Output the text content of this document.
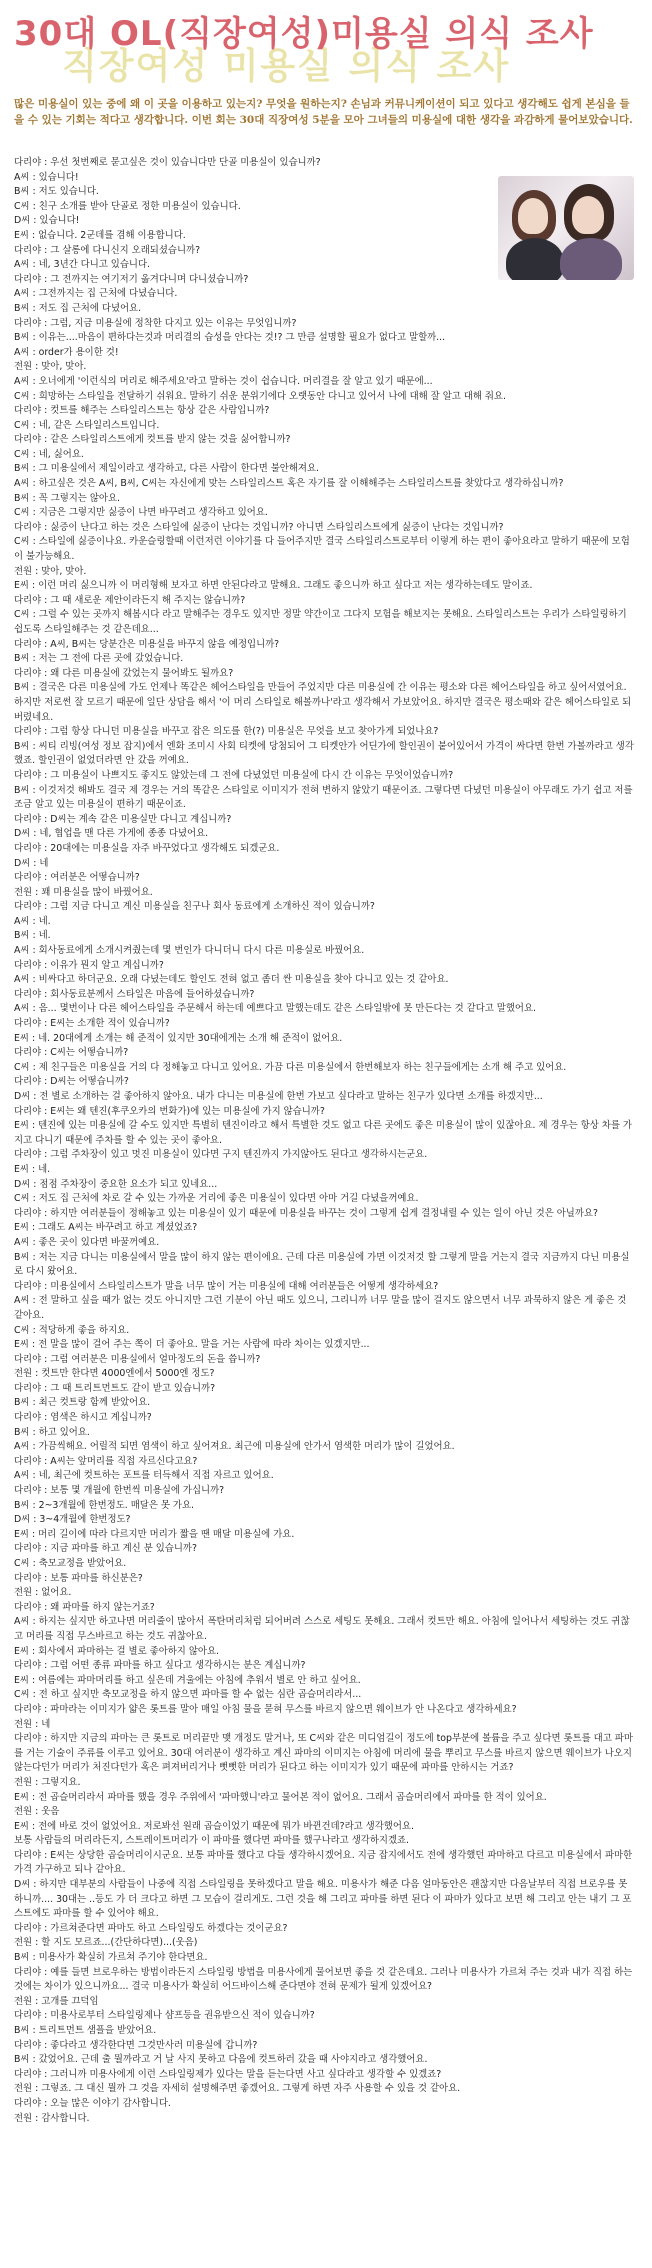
직장여성 미용실 의식 조사
30대 OL(직장여성)미용실 의식 조사
많은 미용실이 있는 중에 왜 이 곳을 이용하고 있는지? 무엇을 원하는지? 손님과 커뮤니케이션이 되고 있다고 생각해도 쉽게 본심을 들을 수 있는 기회는 적다고 생각합니다. 이번 회는 30대 직장여성 5분을 모아 그녀들의 미용실에 대한 생각을 과감하게 물어보았습니다.
다리야 : 우선 첫번째로 묻고싶은 것이 있습니다만 단골 미용실이 있습니까?
A씨 : 있습니다!
B씨 : 저도 있습니다.
C씨 : 친구 소개를 받아 단골로 정한 미용실이 있습니다.
D씨 : 있습니다!
E씨 : 없습니다. 2군데를 겸해 이용합니다.
다리야 : 그 살롱에 다니신지 오래되셨습니까?
A씨 : 네, 3년간 다니고 있습니다.
다리야 : 그 전까지는 여기저기 옮겨다니며 다니셨습니까?
A씨 : 그전까지는 집 근처에 다녔습니다.
B씨 : 저도 집 근처에 다녔어요.
다리야 : 그럼, 지금 미용실에 정착한 다지고 있는 이유는 무엇입니까?
B씨 : 이유는....마음이 편하다는것과 머리결의 습성을 안다는 것!? 그 만큼 설명할 필요가 없다고 말할까...
A씨 : order가 용이한 것!
전원 : 맞아, 맞아.
A씨 : 오너에게 '이런식의 머리로 해주세요'라고 말하는 것이 쉽습니다. 머리결을 잘 알고 있기 때문에...
C씨 : 희망하는 스타일을 전달하기 쉬워요. 말하기 쉬운 분위기에다 오랫동안 다니고 있어서 나에 대해 잘 알고 대해 줘요.
다리야 : 컷트를 해주는 스타일리스트는 항상 같은 사람입니까?
C씨 : 네, 같은 스타일리스트입니다.
다리야 : 같은 스타일리스트에게 컷트를 받지 않는 것을 싫어합니까?
C씨 : 네, 싫어요.
B씨 : 그 미용실에서 제일이라고 생각하고, 다른 사람이 한다면 불안해져요.
A씨 : 하고싶은 것은 A씨, B씨, C씨는 자신에게 맞는 스타일리스트 혹은 자기를 잘 이해해주는 스타일리스트를 찾았다고 생각하십니까?
B씨 : 꼭 그렇지는 않아요.
C씨 : 지금은 그렇지만 싫증이 나면 바꾸려고 생각하고 있어요.
다리야 : 싫증이 난다고 하는 것은 스타일에 싫증이 난다는 것입니까? 아니면 스타일리스트에게 싫증이 난다는 것입니까?
C씨 : 스타일에 싫증이나요. 카운슬링할때 이런저런 이야기를 다 들어주지만 결국 스타일리스트로부터 이렇게 하는 편이 좋아요라고 말하기 때문에 모험이 불가능해요.
전원 : 맞아, 맞아.
E씨 : 이런 머리 싫으니까 이 머리형해 보자고 하면 안된다라고 말해요. 그래도 좋으니까 하고 싶다고 저는 생각하는데도 말이죠.
다리야 : 그 때 새로운 제안이라든지 해 주지는 않습니까?
C씨 : 그럴 수 있는 곳까지 해봅시다 라고 말해주는 경우도 있지만 정말 약간이고 그다지 모험을 해보지는 못해요. 스타일리스트는 우리가 스타일링하기 쉽도록 스타일해주는 것 같은데요...
다리야 : A씨, B씨는 당분간은 미용실을 바꾸지 않을 예정입니까?
B씨 : 저는 그 전에 다른 곳에 갔었습니다.
다리야 : 왜 다른 미용실에 갔었는지 물어봐도 될까요?
B씨 : 결국은 다른 미용실에 가도 언제나 똑같은 헤어스타일을 만들어 주었지만 다른 미용실에 간 이유는 평소와 다른 헤어스타일을 하고 싶어서였어요. 하지만 저로썬 잘 모르기 때문에 일단 상담을 해서 '이 머리 스타일로 해볼까나'라고 생각해서 가보았어요. 하지만 결국은 평소때와 같은 헤어스타일로 되버렸네요.
다리야 : 그럼 항상 다니던 미용실을 바꾸고 잡은 의도를 한(?) 미용실은 무엇을 보고 찾아가게 되었나요?
B씨 : 씨티 리빙(여성 정보 잡지)에서 엔화 조미시 사회 티켓에 당첨되어 그 티켓안가 어딘가에 할인권이 붙어있어서 가격이 싸다면 한번 가볼까라고 생각했죠. 할인권이 없었더라면 안 갔을 꺼예요.
다리야 : 그 미용실이 나쁘지도 좋지도 않았는데 그 전에 다녔었던 미용실에 다시 간 이유는 무엇이었습니까?
B씨 : 이것저것 해봐도 결국 제 경우는 거의 똑같은 스타일로 이미지가 전혀 변하지 않았기 때문이죠. 그렇다면 다녔던 미용실이 아무래도 가기 쉽고 저를 조금 알고 있는 미용실이 편하기 때문이죠.
다리야 : D씨는 계속 같은 미용실만 다니고 계십니까?
D씨 : 네, 협업을 맨 다른 가게에 종종 다녔어요.
다리야 : 20대에는 미용실을 자주 바꾸었다고 생각해도 되겠군요.
D씨 : 네
다리야 : 여러분은 어떻습니까?
전원 : 꽤 미용실을 많이 바꿨어요.
다리야 : 그럼 지금 다니고 계신 미용실을 친구나 회사 동료에게 소개하신 적이 있습니까?
A씨 : 네.
B씨 : 네.
A씨 : 회사동료에게 소개시켜줬는데 몇 번인가 다니더니 다시 다른 미용실로 바꿨어요.
다리야 : 이유가 뭔지 알고 계십니까?
A씨 : 비싸다고 하더군요. 오래 다녔는데도 할인도 전혀 없고 좀더 싼 미용실을 찾아 다니고 있는 것 같아요.
다리야 : 회사동료분께서 스타일은 마음에 들어하셨습니까?
A씨 : 음... 몇번이나 다른 헤어스타일을 주문해서 하는데 예쁘다고 말했는데도 같은 스타일밖에 못 만든다는 것 같다고 말했어요.
다리야 : E씨는 소개한 적이 있습니까?
E씨 : 네. 20대에게 소개는 해 준적이 있지만 30대에게는 소개 해 준적이 없어요.
다리야 : C씨는 어떻습니까?
C씨 : 제 친구들은 미용실을 거의 다 정해놓고 다니고 있어요. 가끔 다른 미용실에서 한번해보자 하는 친구들에게는 소개 해 주고 있어요.
다리야 : D씨는 어떻습니까?
D씨 : 전 별로 소개하는 걸 좋아하지 않아요. 내가 다니는 미용실에 한번 가보고 싶다라고 말하는 친구가 있다면 소개를 하겠지만...
다리야 : E씨는 왜 텐진(후쿠오카의 번화가)에 있는 미용실에 가지 않습니까?
E씨 : 텐진에 있는 미용실에 갈 수도 있지만 특별히 텐진이라고 해서 특별한 것도 없고 다른 곳에도 좋은 미용실이 많이 있잖아요. 제 경우는 항상 차를 가지고 다니기 때문에 주차를 할 수 있는 곳이 좋아요.
다리야 : 그럼 주차장이 있고 멋진 미용실이 있다면 구지 텐진까지 가지않아도 된다고 생각하시는군요.
E씨 : 네.
D씨 : 점점 주차장이 중요한 요소가 되고 있네요...
C씨 : 저도 집 근처에 차로 갈 수 있는 가까운 거리에 좋은 미용실이 있다면 아마 거길 다녔을꺼예요.
다리야 : 하지만 여러분들이 정해놓고 있는 미용실이 있기 때문에 미용실을 바꾸는 것이 그렇게 쉽게 결정내릴 수 있는 일이 아닌 것은 아닐까요?
E씨 : 그래도 A씨는 바꾸려고 하고 계셨었죠?
A씨 : 좋은 곳이 있다면 바꿀꺼예요.
B씨 : 저는 지금 다니는 미용실에서 말을 많이 하지 않는 편이에요. 근데 다른 미용실에 가면 이것저것 할 그렇게 말을 거는지 결국 지금까지 다닌 미용실로 다시 왔어요.
다리야 : 미용실에서 스타일리스트가 말을 너무 많이 거는 미용실에 대해 여러분들은 어떻게 생각하세요?
A씨 : 전 말하고 싶을 때가 없는 것도 아니지만 그런 기분이 아닌 때도 있으니, 그리니까 너무 말을 많이 걸지도 않으면서 너무 과묵하지 않은 게 좋은 것 같아요.
C씨 : 적당하게 좋을 하지요.
E씨 : 전 말을 많이 걸어 주는 쪽이 더 좋아요. 말을 거는 사람에 따라 차이는 있겠지만...
다리야 : 그럼 여러분은 미용실에서 얼마정도의 돈을 씁니까?
전원 : 컷트만 한다면 4000엔에서 5000엔 정도?
다리야 : 그 때 트리트먼트도 같이 받고 있습니까?
B씨 : 최근 컷트랑 함께 받았어요.
다리야 : 염색은 하시고 계십니까?
B씨 : 하고 있어요.
A씨 : 가끔씩해요. 어릴적 되면 염색이 하고 싶어져요. 최근에 미용실에 안가서 염색한 머리가 많이 길었어요.
다리야 : A씨는 앞머리를 직접 자르신다고요?
A씨 : 네, 최근에 컷트하는 포트를 터득해서 직접 자르고 있어요.
다리야 : 보통 몇 개월에 한번씩 미용실에 가십니까?
B씨 : 2~3개월에 한번정도. 매달은 못 가요.
D씨 : 3~4개월에 한번정도?
E씨 : 머리 길이에 따라 다르지만 머리가 짧을 땐 매달 미용실에 가요.
다리야 : 지금 파마를 하고 계신 분 있습니까?
C씨 : 축모교정을 받았어요.
다리야 : 보통 파마를 하신분은?
전원 : 없어요.
다리야 : 왜 파마를 하지 않는거죠?
A씨 : 하지는 싶지만 하고나면 머리줄이 많아서 폭탄머리처럼 되어버려 스스로 세팅도 못해요. 그래서 컷트만 해요. 아침에 일어나서 세팅하는 것도 귀찮고 머리를 직접 무스바르고 하는 것도 귀찮아요.
E씨 : 회사에서 파마하는 걸 별로 좋아하지 않아요.
다리야 : 그럼 어떤 종류 파마를 하고 싶다고 생각하시는 분은 계십니까?
E씨 : 여름에는 파마머리를 하고 싶은데 겨울에는 아침에 추워서 별로 안 하고 싶어요.
C씨 : 전 하고 싶지만 축모교정을 하지 않으면 파마를 할 수 없는 심란 곱슬머리라서...
다리야 : 파마라는 이미지가 얇은 롯트를 말아 매일 아침 물을 묻혀 무스를 바르지 않으면 웨이브가 안 나온다고 생각하세요?
전원 : 네
다리야 : 하지만 지금의 파마는 큰 롯트로 머리끝만 맺 개정도 말거나, 또 C씨와 같은 미디엄길이 정도에 top부분에 볼륨을 주고 싶다면 롯트를 대고 파마를 거는 기술이 주류를 이루고 있어요. 30대 여러분이 생각하고 계신 파마의 이미지는 아침에 머리에 물을 뿌리고 무스를 바르지 않으면 웨이브가 나오지 않는다던가 머리가 처진다던가 혹은 펴져버리거나 뻣뻣한 머리가 된다고 하는 이미지가 있기 때문에 파마를 안하시는 거죠?
전원 : 그렇지요.
E씨 : 전 곱슬머리라서 파마를 했을 경우 주위에서 '파마했니'라고 물어본 적이 없어요. 그래서 곱슬머리에서 파마를 한 적이 있어요.
전원 : 웃음
E씨 : 전에 바로 것이 없었어요. 저로봐선 원래 곱슬이었기 때문에 뭐가 바뀐건데?라고 생각했어요.
보통 사람들의 머리라든지, 스트레이트머리가 이 파마를 했다면 파마를 했구나라고 생각하지겠죠.
다리야 : E씨는 상당한 곱슬머리이시군요. 보통 파마를 했다고 다들 생각하시겠어요. 지금 잡지에서도 전에 생각했던 파마하고 다르고 미용실에서 파마한 가격 가구하고 되나 같아요.
D씨 : 하지만 대부분의 사람들이 나중에 직접 스타일링을 못하겠다고 말을 해요. 미용사가 해준 다음 얼마동안은 괜찮지만 다음날부터 직접 브로우를 못하니까.... 30대는 ..등도 가 더 크다고 하면 그 모습이 걸리게도. 그런 것을 해 그리고 파마를 하면 된다 이 파마가 있다고 보면 해 그리고 안는 내기 그 포스트에도 파마를 할 수 있어야 해요.
다리야 : 가르쳐준다면 파마도 하고 스타일링도 하겠다는 것이군요?
전원 : 할 지도 모르죠...(간단하다면)...(웃음)
B씨 : 미용사가 확실히 가르쳐 주기야 한다면요.
다리야 : 예를 들면 브로우하는 방법이라든지 스타일링 방법을 미용사에게 물어보면 좋을 것 같은데요. 그러나 미용사가 가르쳐 주는 것과 내가 직접 하는 것에는 차이가 있으니까요... 결국 미용사가 확실히 어드바이스해 준다면야 전혀 문제가 될게 있겠어요?
전원 : 고개를 끄덕임
다리야 : 미용사로부터 스타일링제나 샴프등을 권유받으신 적이 있습니까?
B씨 : 트리트먼트 샘플을 받았어요.
다리야 : 좋다라고 생각한다면 그것만사러 미용실에 갑니까?
B씨 : 갔었어요. 근데 출 뭘까라고 거 날 사지 못하고 다음에 컷트하러 갔을 때 사야지라고 생각했어요.
다리야 : 그러니까 미용사에게 이런 스타일링제가 있다는 말을 듣는다면 사고 싶다라고 생각할 수 있겠죠?
전원 : 그렇죠. 그 대신 뭘까 그 것을 자세히 설명해주면 좋겠어요. 그렇게 하면 자주 사용할 수 있을 것 같아요.
다리야 : 오늘 많은 이야기 감사합니다.
전원 : 감사합니다.
